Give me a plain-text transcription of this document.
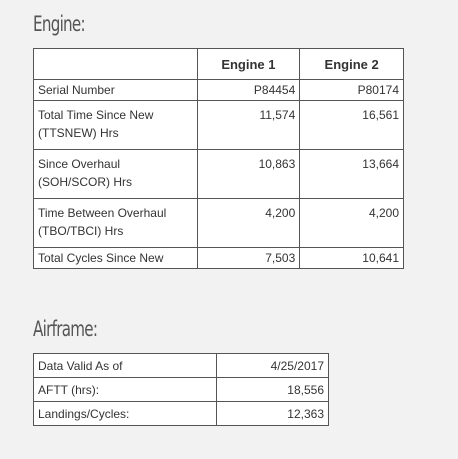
Engine:
	Engine 1	Engine 2
Serial Number	P84454	P80174
Total Time Since New (TTSNEW) Hrs	11,574	16,561
Since Overhaul (SOH/SCOR) Hrs	10,863	13,664
Time Between Overhaul (TBO/TBCI) Hrs	4,200	4,200
Total Cycles Since New	7,503	10,641
Airframe:
Data Valid As of	4/25/2017
AFTT (hrs):	18,556
Landings/Cycles:	12,363
